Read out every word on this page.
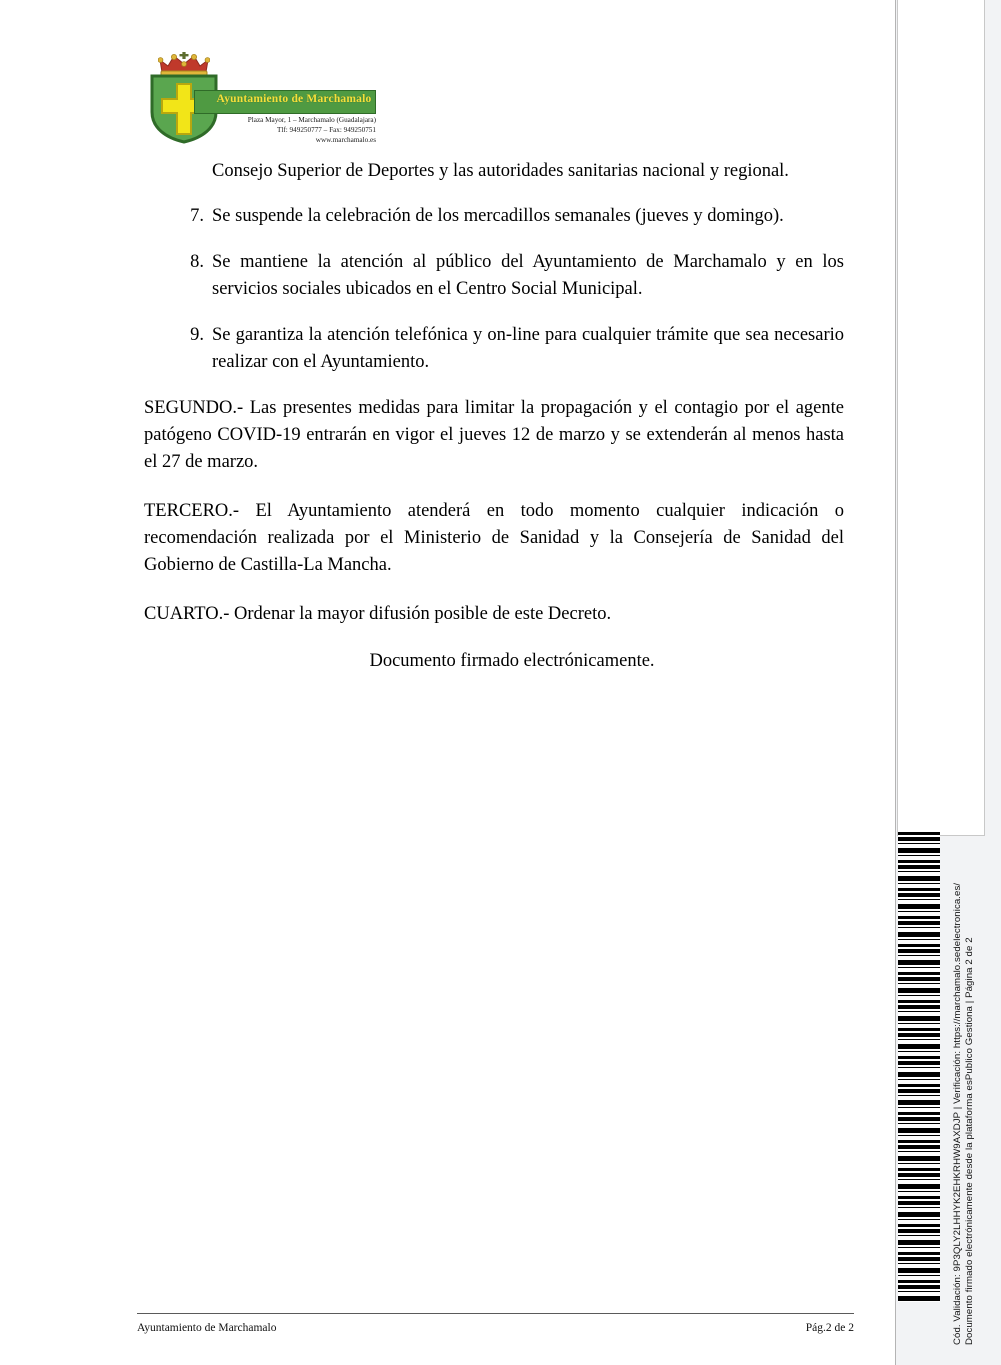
Ayuntamiento de Marchamalo
Plaza Mayor, 1 – Marchamalo (Guadalajara)
Tlf: 949250777 – Fax: 949250751
www.marchamalo.es

Consejo Superior de Deportes y las autoridades sanitarias nacional y regional.

7. Se suspende la celebración de los mercadillos semanales (jueves y domingo).
8. Se mantiene la atención al público del Ayuntamiento de Marchamalo y en los servicios sociales ubicados en el Centro Social Municipal.
9. Se garantiza la atención telefónica y on-line para cualquier trámite que sea necesario realizar con el Ayuntamiento.

SEGUNDO.- Las presentes medidas para limitar la propagación y el contagio por el agente patógeno COVID-19 entrarán en vigor el jueves 12 de marzo y se extenderán al menos hasta el 27 de marzo.

TERCERO.- El Ayuntamiento atenderá en todo momento cualquier indicación o recomendación realizada por el Ministerio de Sanidad y la Consejería de Sanidad del Gobierno de Castilla-La Mancha.

CUARTO.- Ordenar la mayor difusión posible de este Decreto.

Documento firmado electrónicamente.

Ayuntamiento de Marchamalo	Pág.2 de 2	Cód. Validación: 9P3QLY2LHHYK2EHKRHW9AXDJP | Verificación: https://marchamalo.sedelectronica.es/ Documento firmado electrónicamente desde la plataforma esPublico Gestiona | Página 2 de 2
